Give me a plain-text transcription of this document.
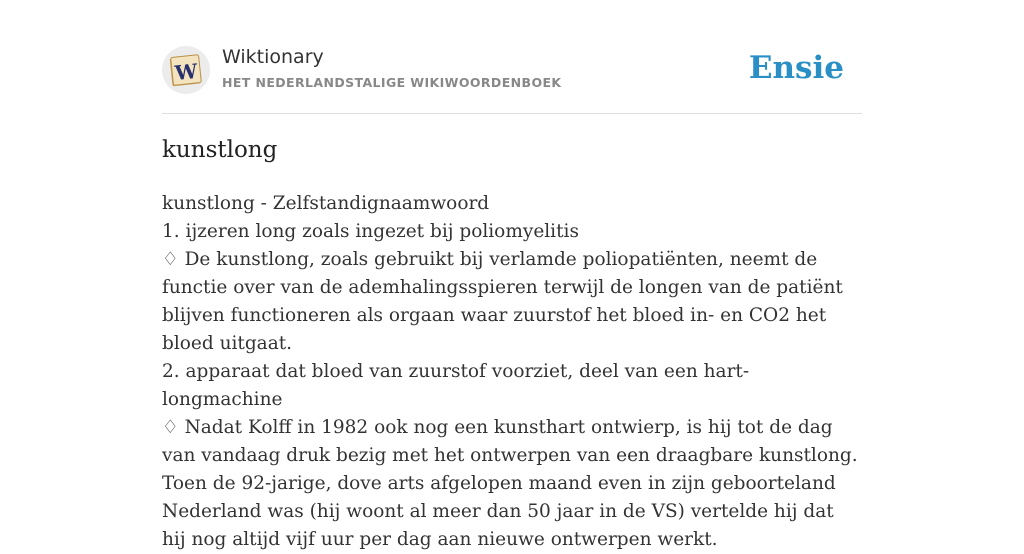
W
Wiktionary
HET NEDERLANDSTALIGE WIKIWOORDENBOEK	Ensie
kunstlong
kunstlong - Zelfstandignaamwoord
1. ijzeren long zoals ingezet bij poliomyelitis
♢ De kunstlong, zoals gebruikt bij verlamde poliopatiënten, neemt de functie over van de ademhalingsspieren terwijl de longen van de patiënt blijven functioneren als orgaan waar zuurstof het bloed in- en CO2 het bloed uitgaat.
2. apparaat dat bloed van zuurstof voorziet, deel van een hart-longmachine
♢ Nadat Kolff in 1982 ook nog een kunsthart ontwierp, is hij tot de dag van vandaag druk bezig met het ontwerpen van een draagbare kunstlong. Toen de 92-jarige, dove arts afgelopen maand even in zijn geboorteland Nederland was (hij woont al meer dan 50 jaar in de VS) vertelde hij dat hij nog altijd vijf uur per dag aan nieuwe ontwerpen werkt.
